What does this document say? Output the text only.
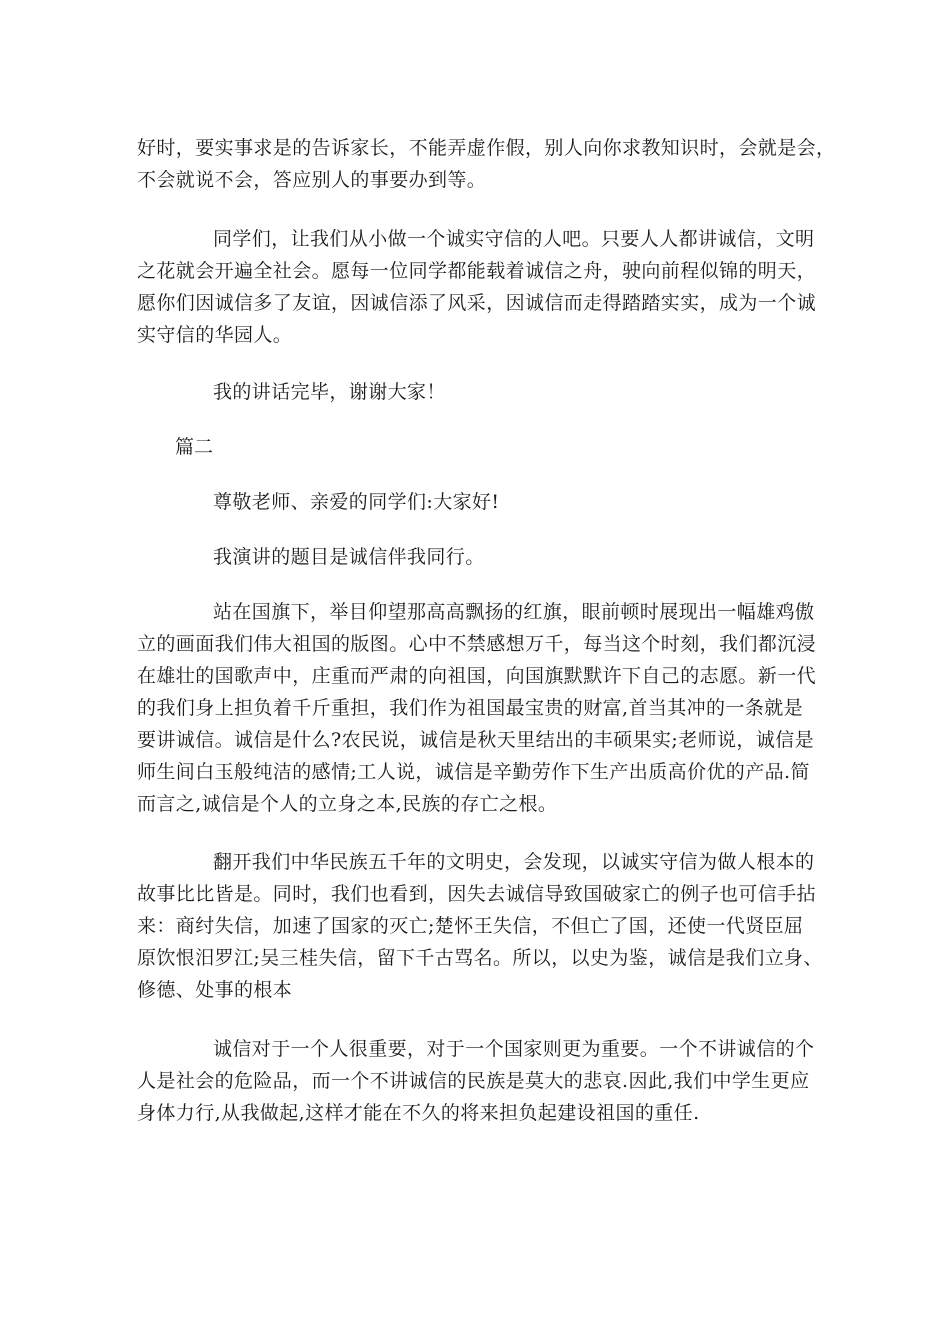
好时，要实事求是的告诉家长，不能弄虚作假，别人向你求教知识时，会就是会，
不会就说不会，答应别人的事要办到等。
同学们，让我们从小做一个诚实守信的人吧。只要人人都讲诚信，文明
之花就会开遍全社会。愿每一位同学都能载着诚信之舟，驶向前程似锦的明天，
愿你们因诚信多了友谊，因诚信添了风采，因诚信而走得踏踏实实，成为一个诚
实守信的华园人。
我的讲话完毕，谢谢大家！
篇二
尊敬老师、亲爱的同学们:大家好!
我演讲的题目是诚信伴我同行。
站在国旗下，举目仰望那高高飘扬的红旗，眼前顿时展现出一幅雄鸡傲
立的画面我们伟大祖国的版图。心中不禁感想万千，每当这个时刻，我们都沉浸
在雄壮的国歌声中，庄重而严肃的向祖国，向国旗默默许下自己的志愿。新一代
的我们身上担负着千斤重担，我们作为祖国最宝贵的财富,首当其冲的一条就是
要讲诚信。诚信是什么?农民说，诚信是秋天里结出的丰硕果实;老师说，诚信是
师生间白玉般纯洁的感情;工人说，诚信是辛勤劳作下生产出质高价优的产品.简
而言之,诚信是个人的立身之本,民族的存亡之根。
翻开我们中华民族五千年的文明史，会发现，以诚实守信为做人根本的
故事比比皆是。同时，我们也看到，因失去诚信导致国破家亡的例子也可信手拈
来：商纣失信，加速了国家的灭亡;楚怀王失信，不但亡了国，还使一代贤臣屈
原饮恨汨罗江;吴三桂失信，留下千古骂名。所以，以史为鉴，诚信是我们立身、
修德、处事的根本
诚信对于一个人很重要，对于一个国家则更为重要。一个不讲诚信的个
人是社会的危险品，而一个不讲诚信的民族是莫大的悲哀.因此,我们中学生更应
身体力行,从我做起,这样才能在不久的将来担负起建设祖国的重任.
